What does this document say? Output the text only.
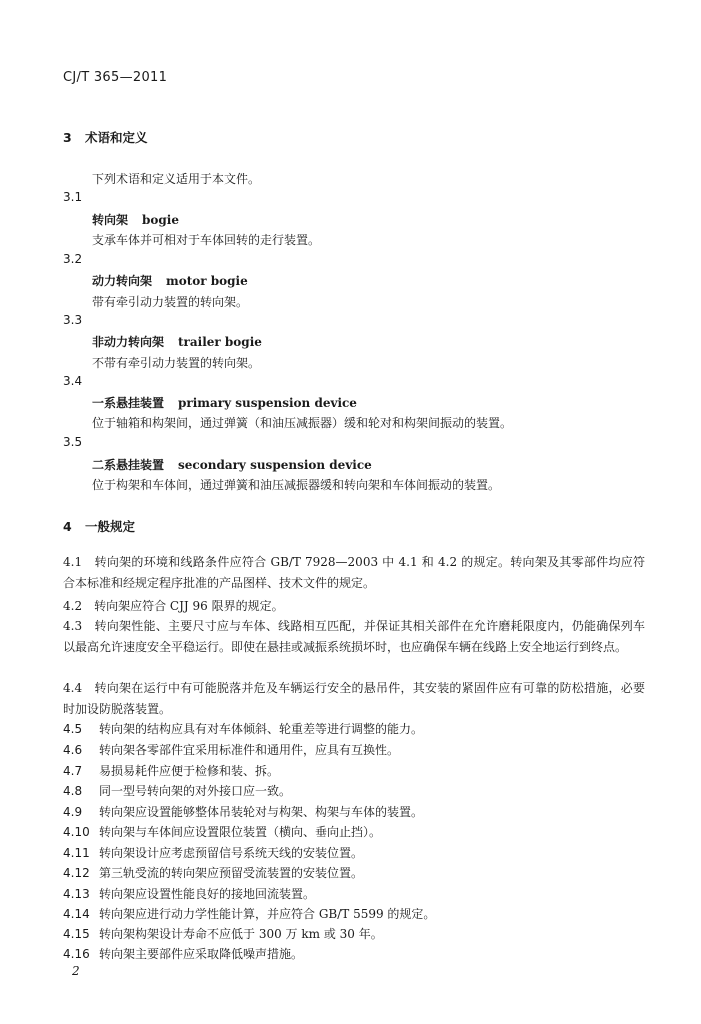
CJ/T 365—2011
3 术语和定义
下列术语和定义适用于本文件。
3.1
转向架 bogie
支承车体并可相对于车体回转的走行装置。
3.2
动力转向架 motor bogie
带有牵引动力装置的转向架。
3.3
非动力转向架 trailer bogie
不带有牵引动力装置的转向架。
3.4
一系悬挂装置 primary suspension device
位于轴箱和构架间，通过弹簧（和油压减振器）缓和轮对和构架间振动的装置。
3.5
二系悬挂装置 secondary suspension device
位于构架和车体间，通过弹簧和油压减振器缓和转向架和车体间振动的装置。
4 一般规定
4.1　转向架的环境和线路条件应符合 GB/T 7928—2003 中 4.1 和 4.2 的规定。转向架及其零部件均应符合本标准和经规定程序批准的产品图样、技术文件的规定。
4.2　转向架应符合 CJJ 96 限界的规定。
4.3　转向架性能、主要尺寸应与车体、线路相互匹配，并保证其相关部件在允许磨耗限度内，仍能确保列车以最高允许速度安全平稳运行。即使在悬挂或减振系统损坏时，也应确保车辆在线路上安全地运行到终点。
4.4　转向架在运行中有可能脱落并危及车辆运行安全的悬吊件，其安装的紧固件应有可靠的防松措施，必要时加设防脱落装置。
4.5 转向架的结构应具有对车体倾斜、轮重差等进行调整的能力。
4.6 转向架各零部件宜采用标准件和通用件，应具有互换性。
4.7 易损易耗件应便于检修和装、拆。
4.8 同一型号转向架的对外接口应一致。
4.9 转向架应设置能够整体吊装轮对与构架、构架与车体的装置。
4.10 转向架与车体间应设置限位装置（横向、垂向止挡）。
4.11 转向架设计应考虑预留信号系统天线的安装位置。
4.12 第三轨受流的转向架应预留受流装置的安装位置。
4.13 转向架应设置性能良好的接地回流装置。
4.14 转向架应进行动力学性能计算，并应符合 GB/T 5599 的规定。
4.15 转向架构架设计寿命不应低于 300 万 km 或 30 年。
4.16 转向架主要部件应采取降低噪声措施。
2
